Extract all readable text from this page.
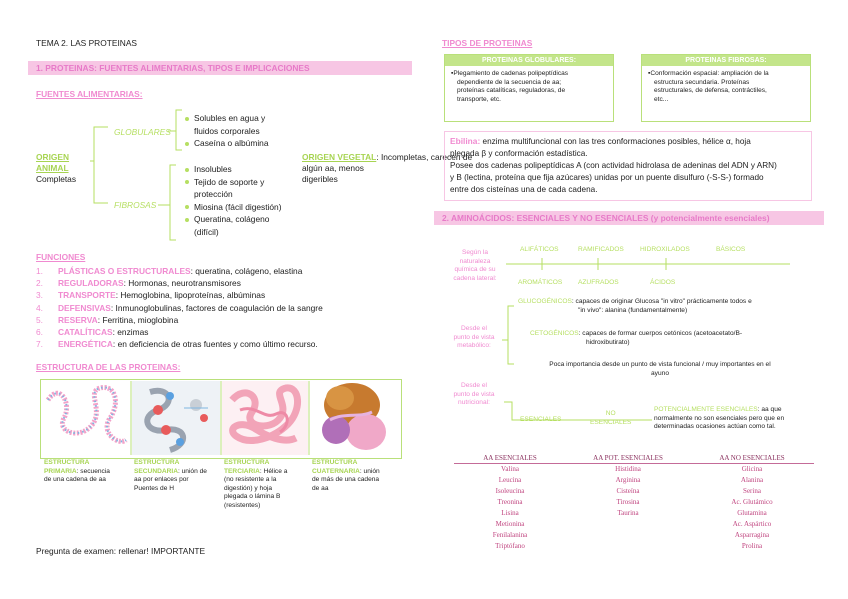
TEMA 2. LAS PROTEINAS
1. PROTEINAS: FUENTES ALIMENTARIAS, TIPOS E IMPLICACIONES
FUENTES ALIMENTARIAS:
ORIGEN ANIMAL
Completas
GLOBULARES
FIBROSAS
Solubles en agua y
fluidos corporales
Caseína o albúmina
Insolubles
Tejido de soporte y
protección
Miosina (fácil digestión)
Queratina, colágeno
(difícil)
ORIGEN VEGETAL: Incompletas, carecen de
algún aa, menos
digeribles
FUNCIONES
1. PLÁSTICAS O ESTRUCTURALES: queratina, colágeno, elastina
2. REGULADORAS: Hormonas, neurotransmisores
3. TRANSPORTE: Hemoglobina, lipoproteínas, albúminas
4. DEFENSIVAS: Inmunoglobulinas, factores de coagulación de la sangre
5. RESERVA: Ferritina, mioglobina
6. CATALÍTICAS: enzimas
7. ENERGÉTICA: en deficiencia de otras fuentes y como último recurso.
ESTRUCTURA DE LAS PROTEINAS:
ESTRUCTURA
PRIMARIA: secuencia
de una cadena de aa
ESTRUCTURA
SECUNDARIA: unión de
aa por enlaces por
Puentes de H
ESTRUCTURA
TERCIARIA: Hélice a
(no resistente a la
digestión) y hoja
plegada o lámina B
(resistentes)
ESTRUCTURA
CUATERNARIA: unión
de más de una cadena
de aa
Pregunta de examen: rellenar! IMPORTANTE
TIPOS DE PROTEINAS
PROTEINAS GLOBULARES:
▪Plegamiento de cadenas polipeptídicas
dependiente de la secuencia de aa;
proteínas catalíticas, reguladoras, de
transporte, etc.
PROTEINAS FIBROSAS:
▪Conformación espacial: ampliación de la
estructura secundaria. Proteínas
estructurales, de defensa, contráctiles,
etc...
Ebilina: enzima multifuncional con las tres conformaciones posibles, hélice α, hoja
plegada β y conformación estadística.
Posee dos cadenas polipeptídicas A (con actividad hidrolasa de adeninas del ADN y ARN)
y B (lectina, proteína que fija azúcares) unidas por un puente disulfuro (-S-S-) formado
entre dos cisteínas una de cada cadena.
2. AMINOÁCIDOS: ESENCIALES Y NO ESENCIALES (y potencialmente esenciales)
Según la
naturaleza
química de su
cadena lateral:
ALIFÁTICOS	RAMIFICADOS HIDROXILADOS	BÁSICOS
AROMÁTICOS AZUFRADOS	ÁCIDOS
Desde el
punto de vista
metabólico:
GLUCOGÉNICOS: capaces de originar Glucosa "in vitro" prácticamente todos e
"in vivo": alanina (fundamentalmente)
CETOGÉNICOS: capaces de formar cuerpos cetónicos (acetoacetato/B-
hidroxibutirato)
Poca importancia desde un punto de vista funcional / muy importantes en el
ayuno
Desde el
punto de vista
nutricional:
ESENCIALES
NO
ESENCIALES
POTENCIALMENTE ESENCIALES: aa que
normalmente no son esenciales pero que en
determinadas ocasiones actúan como tal.
AA ESENCIALES	AA POT. ESENCIALES	AA NO ESENCIALES
Valina	Histidina	Glicina
Leucina	Arginina	Alanina
Isoleucina	Cisteína	Serina
Treonina	Tirosina	Ac. Glutámico
Lisina	Taurina	Glutamina
Metionina		Ac. Aspártico
Fenilalanina		Asparragina
Triptófano		Prolina
